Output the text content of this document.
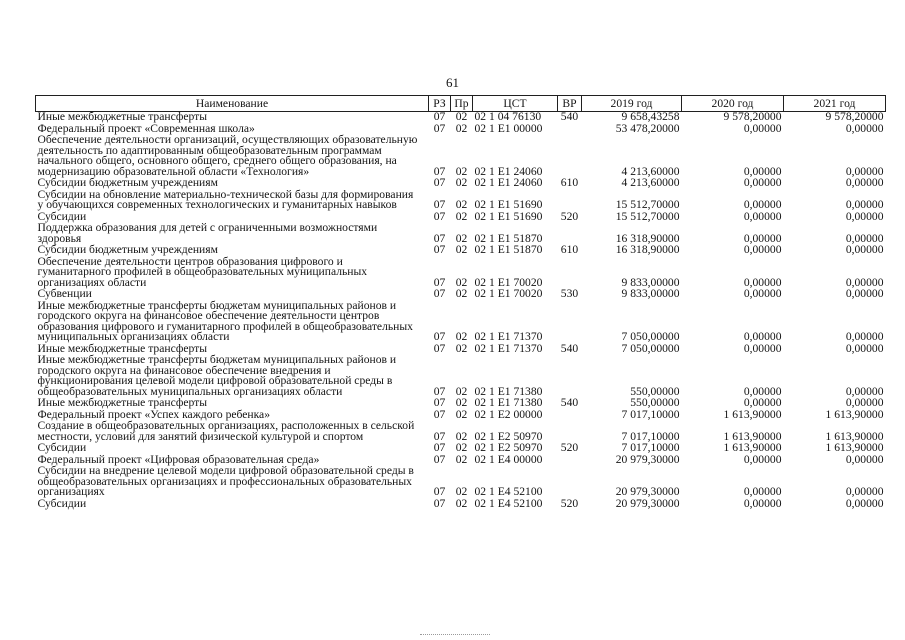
61
Наименование	РЗ	Пр	ЦСТ	ВР	2019 год	2020 год	2021 год
Иные межбюджетные трансферты	07	02	02 1 04 76130	540	9 658,43258	9 578,20000	9 578,20000
Федеральный проект «Современная школа»	07	02	02 1 E1 00000		53 478,20000	0,00000	0,00000
Обеспечение деятельности организаций, осуществляющих образовательную деятельность по адаптированным общеобразовательным программам начального общего, основного общего, среднего общего образования, на модернизацию образовательной области «Технология»	07	02	02 1 E1 24060		4 213,60000	0,00000	0,00000
Субсидии бюджетным учреждениям	07	02	02 1 E1 24060	610	4 213,60000	0,00000	0,00000
Субсидии на обновление материально-технической базы для формирования у обучающихся современных технологических и гуманитарных навыков	07	02	02 1 E1 51690		15 512,70000	0,00000	0,00000
Субсидии	07	02	02 1 E1 51690	520	15 512,70000	0,00000	0,00000
Поддержка образования для детей с ограниченными возможностями здоровья	07	02	02 1 E1 51870		16 318,90000	0,00000	0,00000
Субсидии бюджетным учреждениям	07	02	02 1 E1 51870	610	16 318,90000	0,00000	0,00000
Обеспечение деятельности центров образования цифрового и гуманитарного профилей в общеобразовательных муниципальных организациях области	07	02	02 1 E1 70020		9 833,00000	0,00000	0,00000
Субвенции	07	02	02 1 E1 70020	530	9 833,00000	0,00000	0,00000
Иные межбюджетные трансферты бюджетам муниципальных районов и городского округа на финансовое обеспечение деятельности центров образования цифрового и гуманитарного профилей в общеобразовательных муниципальных организациях области	07	02	02 1 E1 71370		7 050,00000	0,00000	0,00000
Иные межбюджетные трансферты	07	02	02 1 E1 71370	540	7 050,00000	0,00000	0,00000
Иные межбюджетные трансферты бюджетам муниципальных районов и городского округа на финансовое обеспечение внедрения и функционирования целевой модели цифровой образовательной среды в общеобразовательных муниципальных организациях области	07	02	02 1 E1 71380		550,00000	0,00000	0,00000
Иные межбюджетные трансферты	07	02	02 1 E1 71380	540	550,00000	0,00000	0,00000
Федеральный проект «Успех каждого ребенка»	07	02	02 1 E2 00000		7 017,10000	1 613,90000	1 613,90000
Создание в общеобразовательных организациях, расположенных в сельской местности, условий для занятий физической культурой и спортом	07	02	02 1 E2 50970		7 017,10000	1 613,90000	1 613,90000
Субсидии	07	02	02 1 E2 50970	520	7 017,10000	1 613,90000	1 613,90000
Федеральный проект «Цифровая образовательная среда»	07	02	02 1 E4 00000		20 979,30000	0,00000	0,00000
Субсидии на внедрение целевой модели цифровой образовательной среды в общеобразовательных организациях и профессиональных образовательных организациях	07	02	02 1 E4 52100		20 979,30000	0,00000	0,00000
Субсидии	07	02	02 1 E4 52100	520	20 979,30000	0,00000	0,00000
